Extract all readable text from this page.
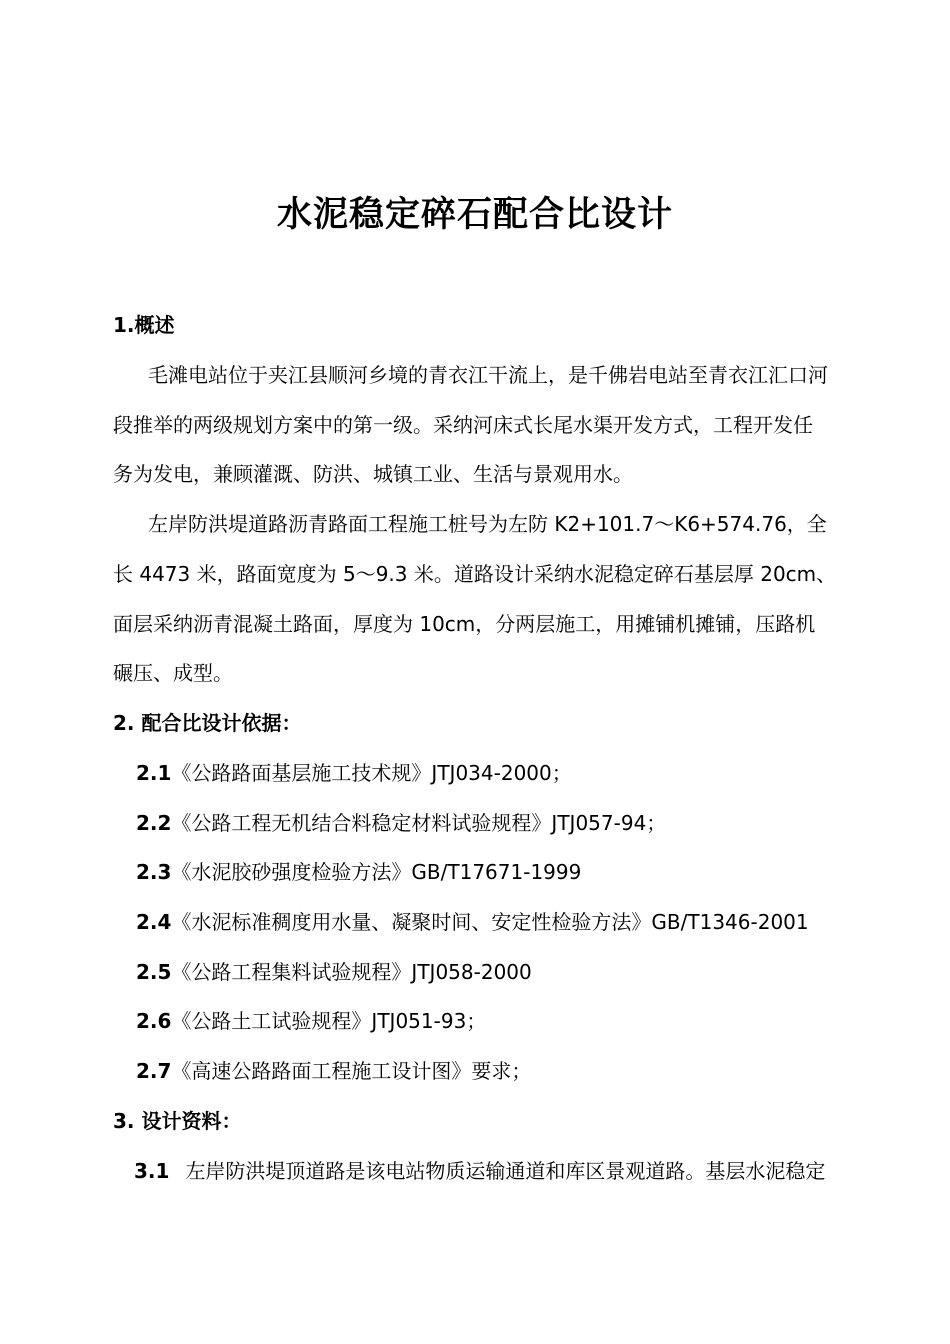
水泥稳定碎石配合比设计
1.概述
毛滩电站位于夹江县顺河乡境的青衣江干流上，是千佛岩电站至青衣江汇口河
段推举的两级规划方案中的第一级。采纳河床式长尾水渠开发方式，工程开发任
务为发电，兼顾灌溉、防洪、城镇工业、生活与景观用水。
左岸防洪堤道路沥青路面工程施工桩号为左防 K2+101.7～K6+574.76，全
长 4473 米，路面宽度为 5～9.3 米。道路设计采纳水泥稳定碎石基层厚 20cm、
面层采纳沥青混凝土路面，厚度为 10cm，分两层施工，用摊铺机摊铺，压路机
碾压、成型。
2. 配合比设计依据：
2.1《公路路面基层施工技术规》JTJ034-2000；
2.2《公路工程无机结合料稳定材料试验规程》JTJ057-94；
2.3《水泥胶砂强度检验方法》GB/T17671-1999
2.4《水泥标准稠度用水量、凝聚时间、安定性检验方法》GB/T1346-2001
2.5《公路工程集料试验规程》JTJ058-2000
2.6《公路土工试验规程》JTJ051-93；
2.7《高速公路路面工程施工设计图》要求；
3. 设计资料：
3.1 左岸防洪堤顶道路是该电站物质运输通道和库区景观道路。基层水泥稳定
